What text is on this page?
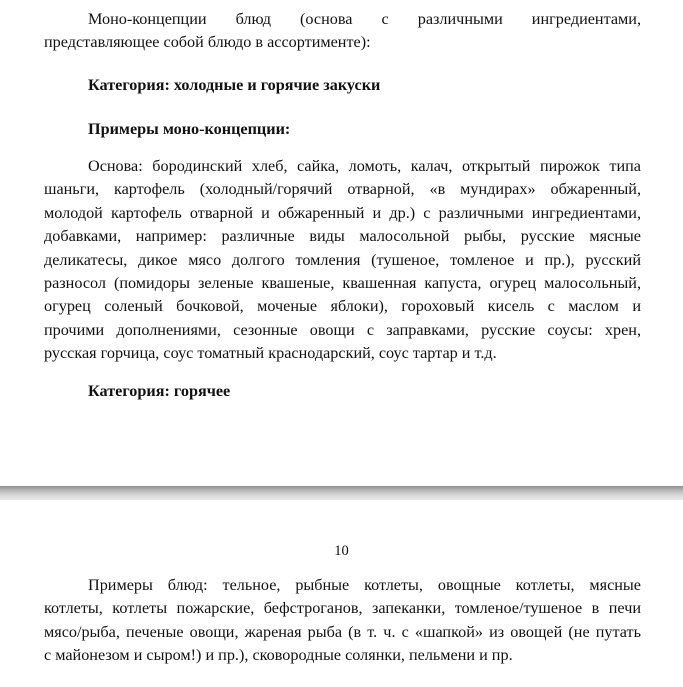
Моно-концепции блюд (основа с различными ингредиентами,
представляющее собой блюдо в ассортименте):

Категория: холодные и горячие закуски

Примеры моно-концепции:

Основа: бородинский хлеб, сайка, ломоть, калач, открытый пирожок типа
шаньги, картофель (холодный/горячий отварной, «в мундирах» обжаренный,
молодой картофель отварной и обжаренный и др.) с различными ингредиентами,
добавками, например: различные виды малосольной рыбы, русские мясные
деликатесы, дикое мясо долгого томления (тушеное, томленое и пр.), русский
разносол (помидоры зеленые квашеные, квашенная капуста, огурец малосольный,
огурец соленый бочковой, моченые яблоки), гороховый кисель с маслом и
прочими дополнениями, сезонные овощи с заправками, русские соусы: хрен,
русская горчица, соус томатный краснодарский, соус тартар и т.д.

Категория: горячее

10

Примеры блюд: тельное, рыбные котлеты, овощные котлеты, мясные
котлеты, котлеты пожарские, бефстроганов, запеканки, томленое/тушеное в печи
мясо/рыба, печеные овощи, жареная рыба (в т. ч. с «шапкой» из овощей (не путать
с майонезом и сыром!) и пр.), сковородные солянки, пельмени и пр.
